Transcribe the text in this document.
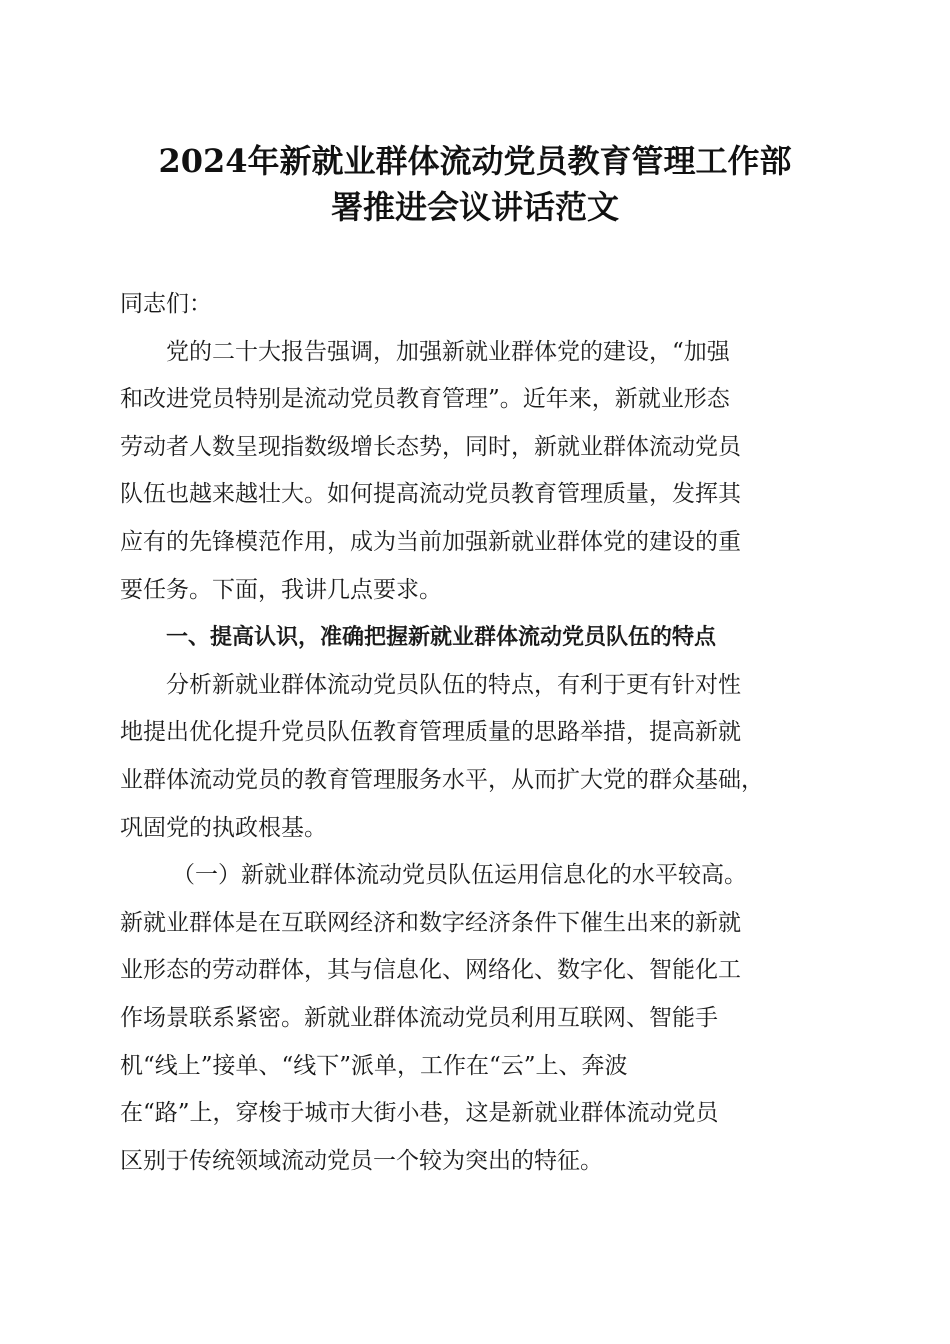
2024年新就业群体流动党员教育管理工作部
署推进会议讲话范文
同志们：
党的二十大报告强调，加强新就业群体党的建设，“加强
和改进党员特别是流动党员教育管理”。近年来，新就业形态
劳动者人数呈现指数级增长态势，同时，新就业群体流动党员
队伍也越来越壮大。如何提高流动党员教育管理质量，发挥其
应有的先锋模范作用，成为当前加强新就业群体党的建设的重
要任务。下面，我讲几点要求。
一、提高认识，准确把握新就业群体流动党员队伍的特点
分析新就业群体流动党员队伍的特点，有利于更有针对性
地提出优化提升党员队伍教育管理质量的思路举措，提高新就
业群体流动党员的教育管理服务水平，从而扩大党的群众基础，
巩固党的执政根基。
（一）新就业群体流动党员队伍运用信息化的水平较高。
新就业群体是在互联网经济和数字经济条件下催生出来的新就
业形态的劳动群体，其与信息化、网络化、数字化、智能化工
作场景联系紧密。新就业群体流动党员利用互联网、智能手
机“线上”接单、“线下”派单，工作在“云”上、奔波
在“路”上，穿梭于城市大街小巷，这是新就业群体流动党员
区别于传统领域流动党员一个较为突出的特征。
